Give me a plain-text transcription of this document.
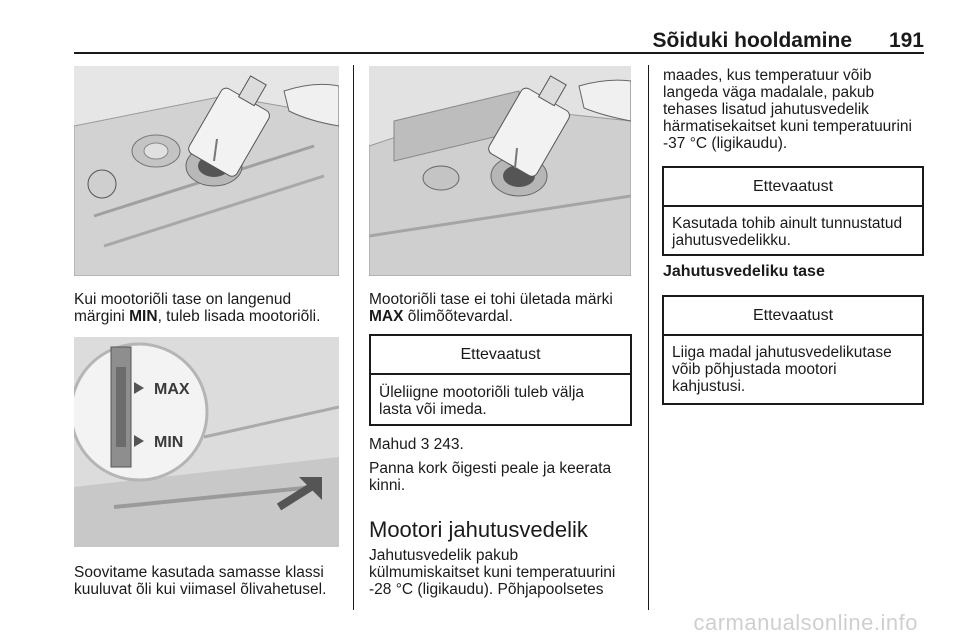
Sõiduki hooldamine 191

Kui mootoriõli tase on langenud
märgini MIN, tuleb lisada mootoriõli.

MAX
MIN

Soovitame kasutada samasse klassi
kuuluvat õli kui viimasel õlivahetusel.

Mootoriõli tase ei tohi ületada märki
MAX õlimõõtevardal.

Ettevaatust
Üleliigne mootoriõli tuleb välja
lasta või imeda.

Mahud 3 243.

Panna kork õigesti peale ja keerata
kinni.

Mootori jahutusvedelik

Jahutusvedelik pakub
külmumiskaitset kuni temperatuurini
-28 °C (ligikaudu). Põhjapoolsetes

maades, kus temperatuur võib
langeda väga madalale, pakub
tehases lisatud jahutusvedelik
härmatisekaitset kuni temperatuurini
-37 °C (ligikaudu).

Ettevaatust
Kasutada tohib ainult tunnustatud
jahutusvedelikku.
Jahutusvedeliku tase
Ettevaatust
Liiga madal jahutusvedelikutase
võib põhjustada mootori
kahjustusi.
carmanualsonline.info
